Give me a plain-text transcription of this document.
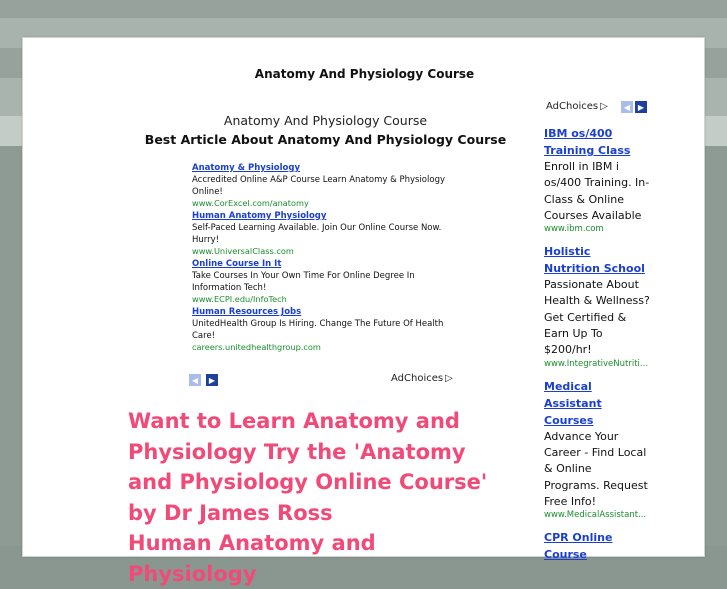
Anatomy And Physiology Course
Anatomy And Physiology Course
Best Article About Anatomy And Physiology Course
Anatomy & Physiology
Accredited Online A&P Course Learn Anatomy & Physiology Online!
www.CorExcel.com/anatomy
Human Anatomy Physiology
Self-Paced Learning Available. Join Our Online Course Now. Hurry!
www.UniversalClass.com
Online Course In It
Take Courses In Your Own Time For Online Degree In Information Tech!
www.ECPI.edu/InfoTech
Human Resources Jobs
UnitedHealth Group Is Hiring. Change The Future Of Health Care!
careers.unitedhealthgroup.com
◀ ▶	AdChoices ▷
Want to Learn Anatomy and Physiology Try the 'Anatomy and Physiology Online Course' by Dr James Ross
Human Anatomy and Physiology
AdChoices ▷ ◀ ▶
IBM os/400 Training Class
Enroll in IBM i os/400 Training. In-Class & Online Courses Available
www.ibm.com
Holistic Nutrition School
Passionate About Health & Wellness? Get Certified & Earn Up To $200/hr!
www.IntegrativeNutriti...
Medical Assistant Courses
Advance Your Career - Find Local & Online Programs. Request Free Info!
www.MedicalAssistant...
CPR Online Course
